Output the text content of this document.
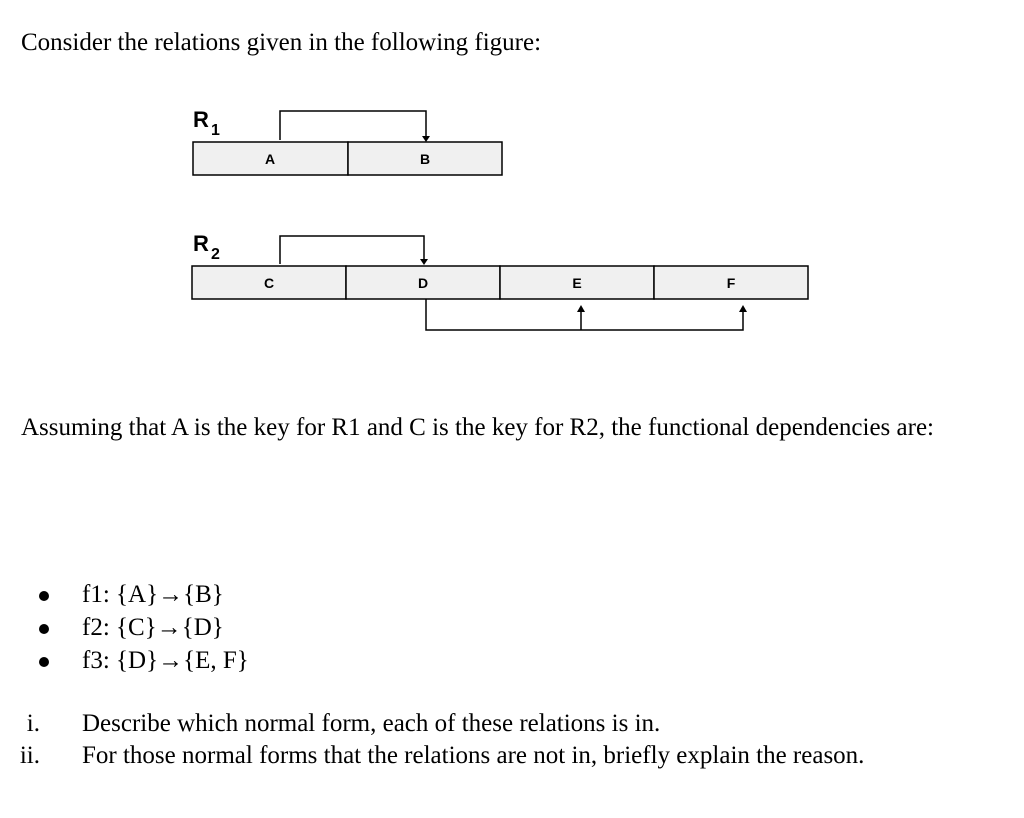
Consider the relations given in the following figure:

R 1
A	B
R 2
C	D	E	F

Assuming that A is the key for R1 and C is the key for R2, the functional dependencies are:

f1: {A}→{B}
f2: {C}→{D}
f3: {D}→{E, F}
i. Describe which normal form, each of these relations is in.
ii. For those normal forms that the relations are not in, briefly explain the reason.
